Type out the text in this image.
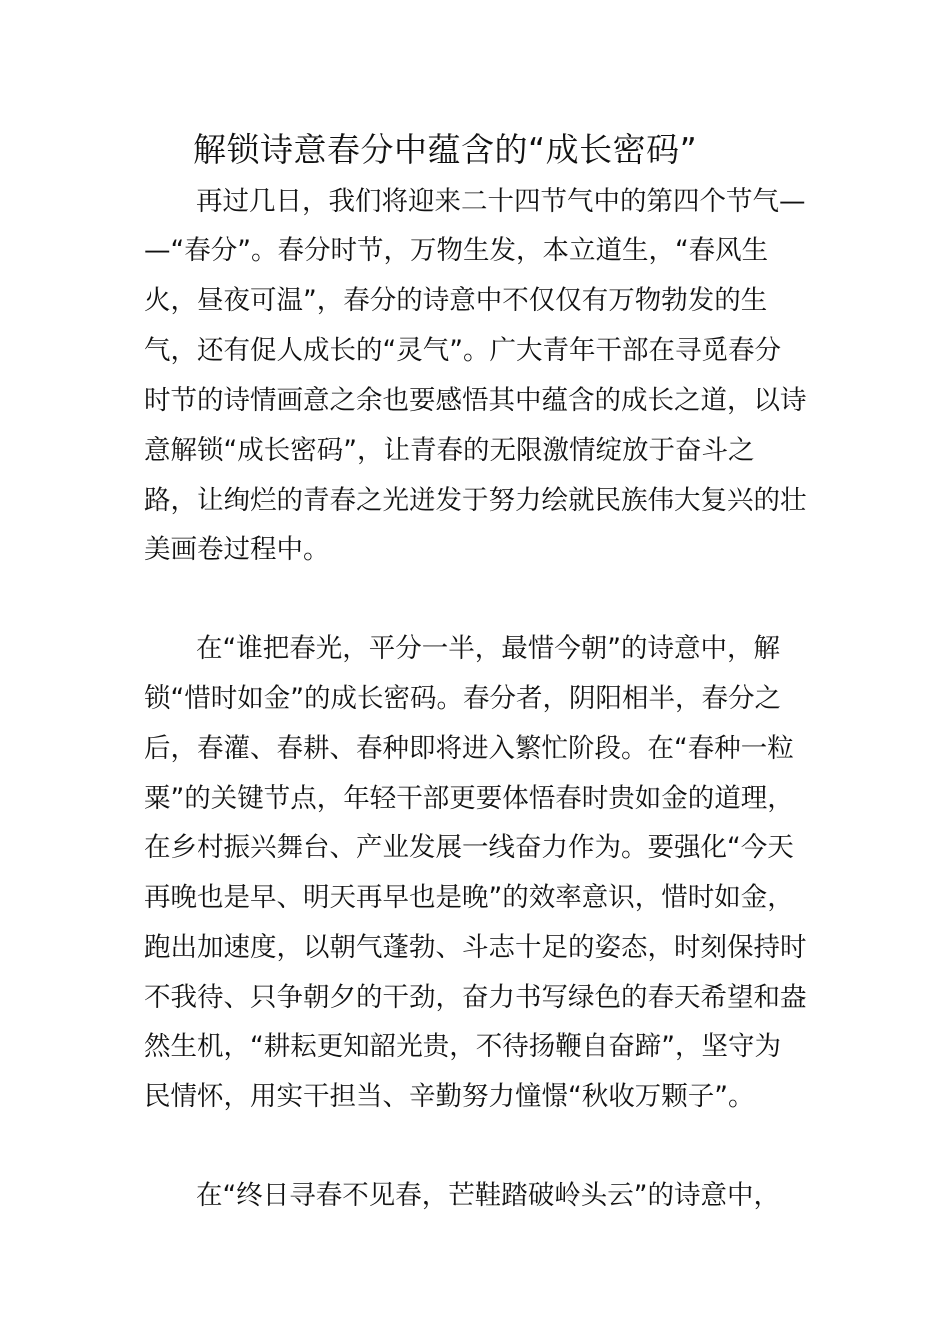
解锁诗意春分中蕴含的“成长密码”
再过几日，我们将迎来二十四节气中的第四个节气—
—“春分”。春分时节，万物生发，本立道生，“春风生
火，昼夜可温”，春分的诗意中不仅仅有万物勃发的生
气，还有促人成长的“灵气”。广大青年干部在寻觅春分
时节的诗情画意之余也要感悟其中蕴含的成长之道，以诗
意解锁“成长密码”，让青春的无限激情绽放于奋斗之
路，让绚烂的青春之光迸发于努力绘就民族伟大复兴的壮
美画卷过程中。
在“谁把春光，平分一半，最惜今朝”的诗意中，解
锁“惜时如金”的成长密码。春分者，阴阳相半，春分之
后，春灌、春耕、春种即将进入繁忙阶段。在“春种一粒
粟”的关键节点，年轻干部更要体悟春时贵如金的道理，
在乡村振兴舞台、产业发展一线奋力作为。要强化“今天
再晚也是早、明天再早也是晚”的效率意识，惜时如金，
跑出加速度，以朝气蓬勃、斗志十足的姿态，时刻保持时
不我待、只争朝夕的干劲，奋力书写绿色的春天希望和盎
然生机，“耕耘更知韶光贵，不待扬鞭自奋蹄”，坚守为
民情怀，用实干担当、辛勤努力憧憬“秋收万颗子”。
在“终日寻春不见春，芒鞋踏破岭头云”的诗意中，
